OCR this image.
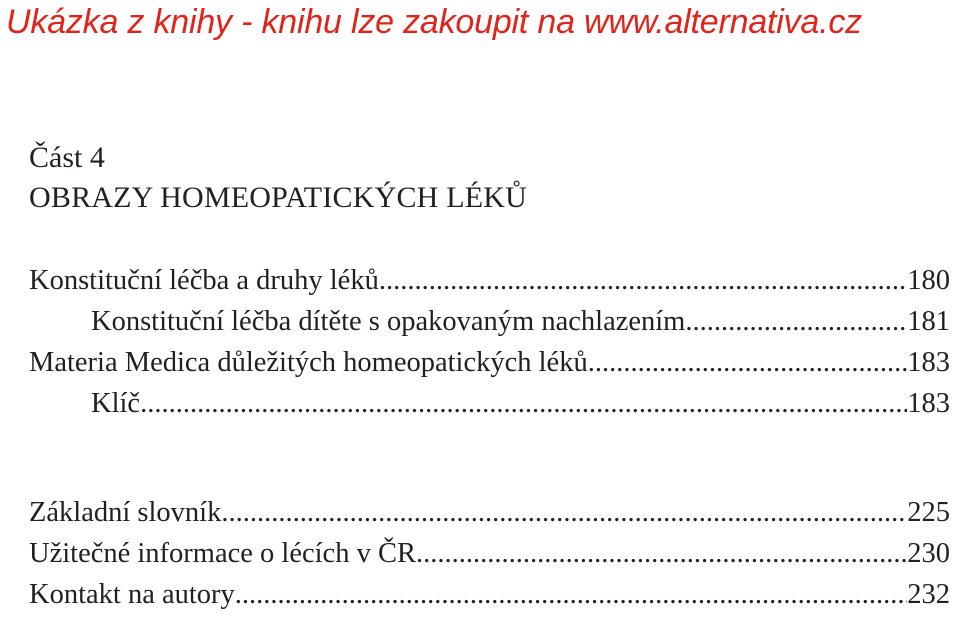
Ukázka z knihy - knihu lze zakoupit na www.alternativa.cz
Část 4
OBRAZY HOMEOPATICKÝCH LÉKŮ
Konstituční léčba a druhy léků .....	180
Konstituční léčba dítěte s opakovaným nachlazením .....	181
Materia Medica důležitých homeopatických léků .....	183
Klíč .....	183
Základní slovník .....	225
Užitečné informace o lécích v ČR .....	230
Kontakt na autory .....	232
